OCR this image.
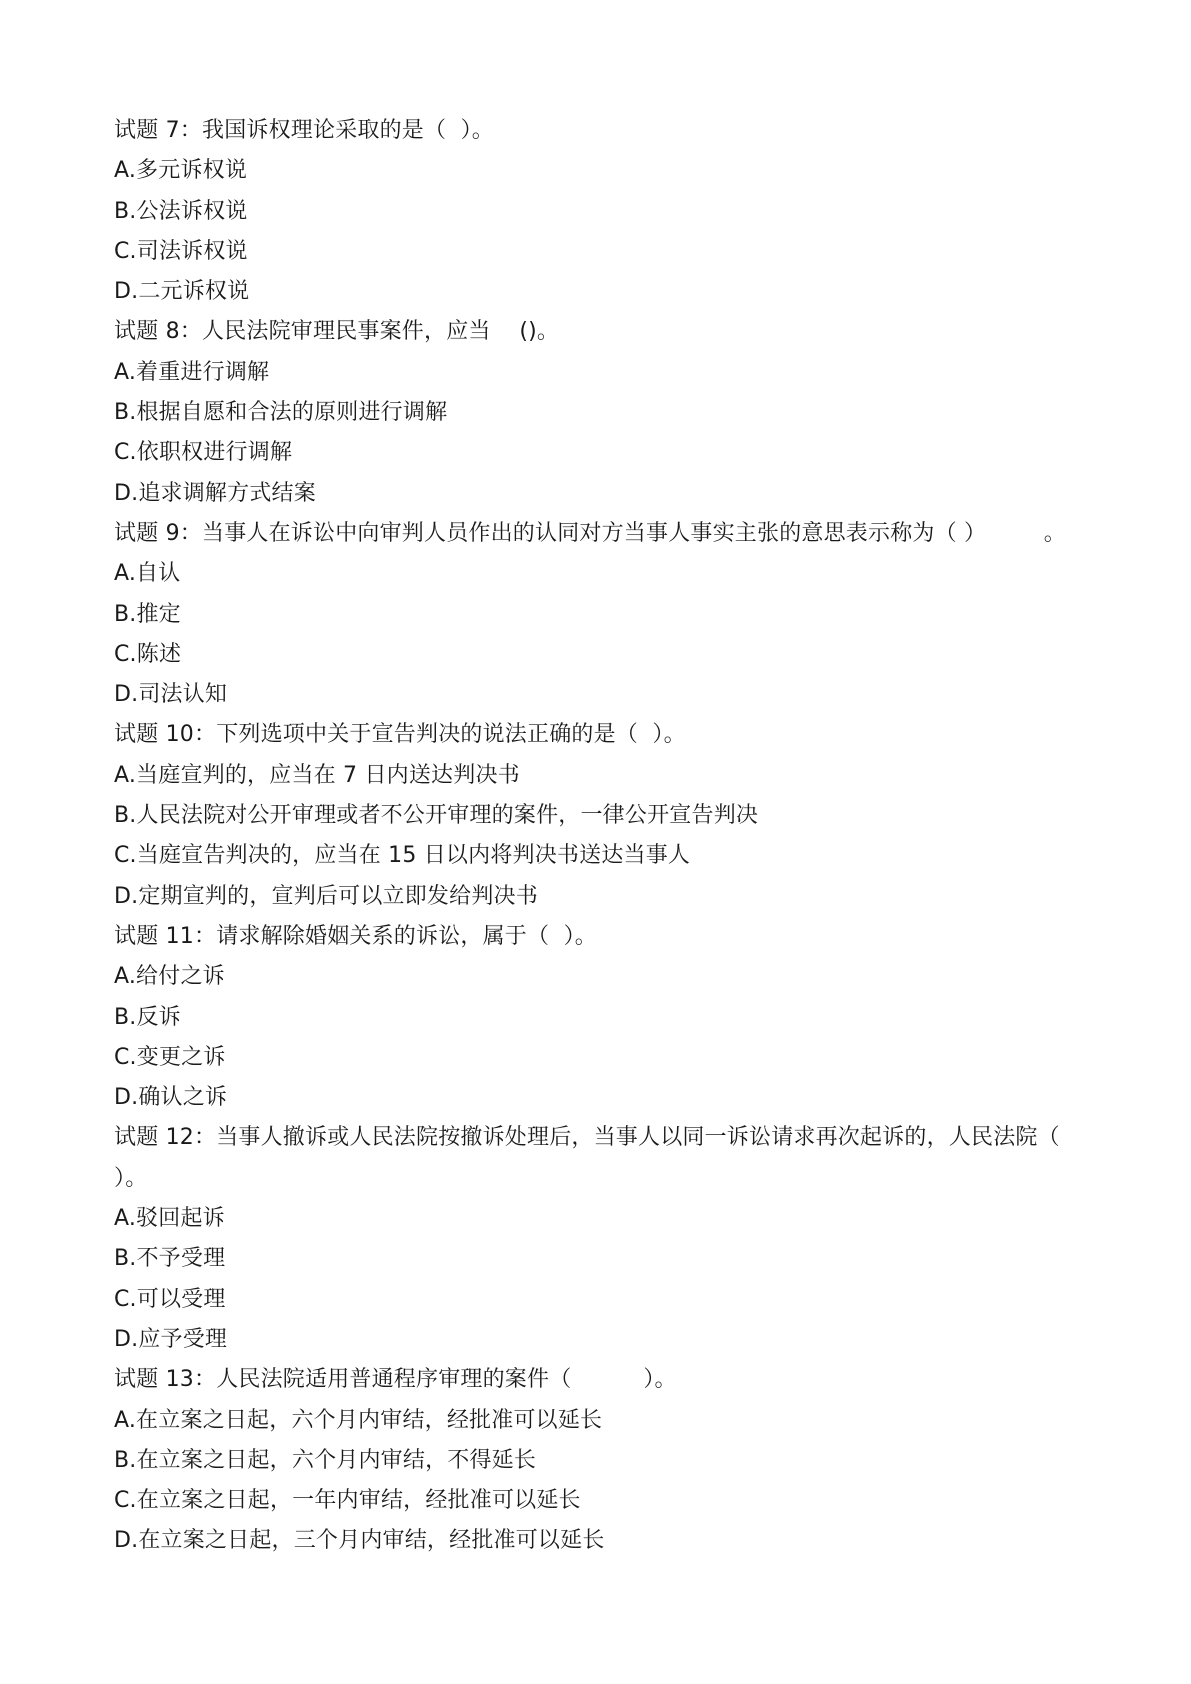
试题 7：我国诉权理论采取的是（  ）。
A.多元诉权说
B.公法诉权说
C.司法诉权说
D.二元诉权说
试题 8：人民法院审理民事案件，应当    ()。
A.着重进行调解
B.根据自愿和合法的原则进行调解
C.依职权进行调解
D.追求调解方式结案
试题 9：当事人在诉讼中向审判人员作出的认同对方当事人事实主张的意思表示称为（ ）        。
A.自认
B.推定
C.陈述
D.司法认知
试题 10：下列选项中关于宣告判决的说法正确的是（  ）。
A.当庭宣判的，应当在 7 日内送达判决书
B.人民法院对公开审理或者不公开审理的案件，一律公开宣告判决
C.当庭宣告判决的，应当在 15 日以内将判决书送达当事人
D.定期宣判的，宣判后可以立即发给判决书
试题 11：请求解除婚姻关系的诉讼，属于（  ）。
A.给付之诉
B.反诉
C.变更之诉
D.确认之诉
试题 12：当事人撤诉或人民法院按撤诉处理后，当事人以同一诉讼请求再次起诉的，人民法院（      ）。
A.驳回起诉
B.不予受理
C.可以受理
D.应予受理
试题 13：人民法院适用普通程序审理的案件（          ）。
A.在立案之日起，六个月内审结，经批准可以延长
B.在立案之日起，六个月内审结，不得延长
C.在立案之日起，一年内审结，经批准可以延长
D.在立案之日起，三个月内审结，经批准可以延长
